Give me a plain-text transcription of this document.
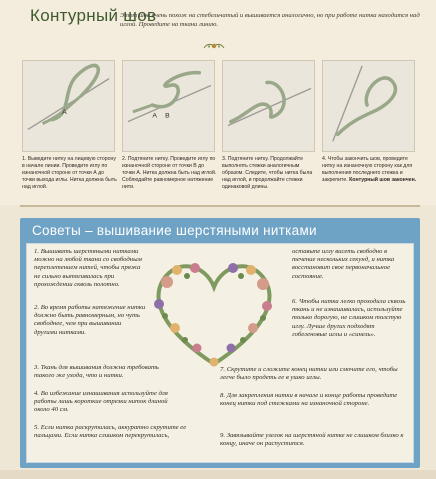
Контурный шов
Этот шов очень похож на стебельчатый и вышивается аналогично, но при работе нитка находится над иглой. Проведите на ткани линию.
A
A B
1. Выведите нитку на лицевую сторону в начале линии. Проведите иглу по изнаночной стороне от точки А до точки выхода иглы. Нитка должна быть над иглой.
2. Подтяните нитку. Проведите иглу по изнаночной стороне от точки В до точки А. Нитка должна быть над иглой. Соблюдайте равномерное натяжение нити.
3. Подтяните нитку. Продолжайте выполнять стежки аналогичным образом. Следите, чтобы нитка была над иглой, и продолжайте стежки одинаковой длины.
4. Чтобы закончить шов, проведите нитку на изнаночную сторону как для выполнения последнего стежка и закрепите. Контурный шов закончен.
Советы – вышивание шерстяными нитками
1. Вышивать шерстяными нитками можно на любой ткани со свободным переплетением нитей, чтобы пряжа не сильно вытягивалась при прохождении сквозь полотно.
2. Во время работы натяжение нитки должно быть равномерным, но чуть свободнее, чем при вышивании другими нитками.
3. Ткань для вышивания должна требовать такого же ухода, что и нитки.
4. Во избежание изнашивания используйте для работы лишь короткие отрезки ниток длиной около 40 см.
5. Если нитка раскрутилась, аккуратно скрутите ее пальцами. Если нитка слишком перекрутилась,
оставьте иглу висеть свободно в течение нескольких секунд, и нитка восстановит свое первоначальное состояние.
6. Чтобы нитка легко проходила сквозь ткань и не изнашивалась, используйте только дорогую, не слишком толстую иглу. Лучше других подходят гобеленовые иглы и «синель».
7. Скрутите и сложите конец нитки или смочите его, чтобы легче было продеть ее в ушко иглы.
8. Для закрепления нитки в начале и конце работы проведите конец нитки под стежками на изнаночной стороне.
9. Завязывайте узелок на шерстяной нитке не слишком близко к концу, иначе он распустится.
